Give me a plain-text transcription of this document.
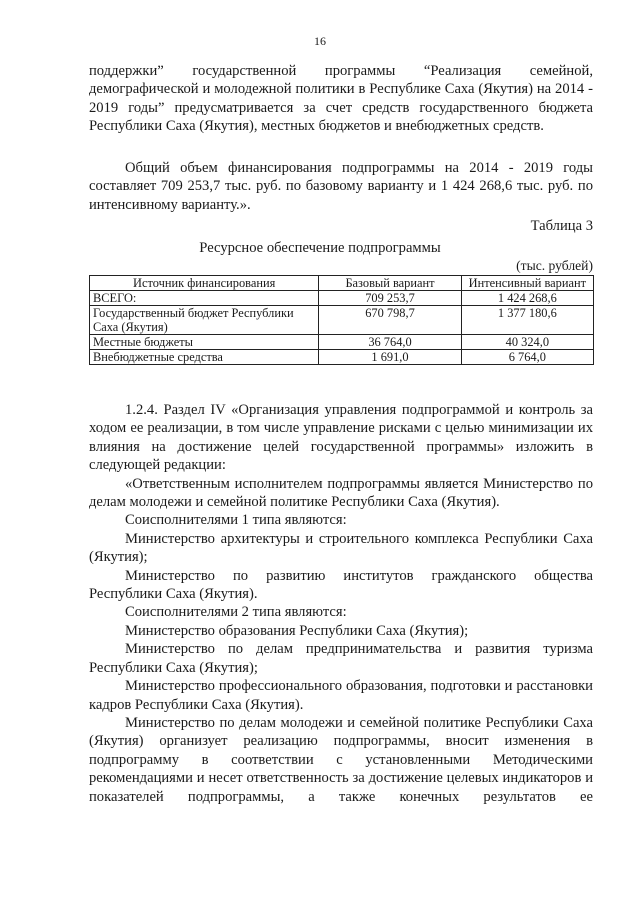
16

поддержки” государственной программы “Реализация семейной, демографической и молодежной политики в Республике Саха (Якутия) на 2014 - 2019 годы” предусматривается за счет средств государственного бюджета Республики Саха (Якутия), местных бюджетов и внебюджетных средств.

Общий объем финансирования подпрограммы на 2014 - 2019 годы составляет 709 253,7 тыс. руб. по базовому варианту и 1 424 268,6 тыс. руб. по интенсивному варианту.».

Таблица 3
Ресурсное обеспечение подпрограммы
(тыс. рублей)
Источник финансирования	Базовый вариант	Интенсивный вариант
ВСЕГО:	709 253,7	1 424 268,6
Государственный бюджет Республики Саха (Якутия)	670 798,7	1 377 180,6
Местные бюджеты	36 764,0	40 324,0
Внебюджетные средства	1 691,0	6 764,0

1.2.4. Раздел IV «Организация управления подпрограммой и контроль за ходом ее реализации, в том числе управление рисками с целью минимизации их влияния на достижение целей государственной программы» изложить в следующей редакции:

«Ответственным исполнителем подпрограммы является Министерство по делам молодежи и семейной политике Республики Саха (Якутия).

Соисполнителями 1 типа являются:

Министерство архитектуры и строительного комплекса Республики Саха (Якутия);

Министерство по развитию институтов гражданского общества Республики Саха (Якутия).

Соисполнителями 2 типа являются:

Министерство образования Республики Саха (Якутия);

Министерство по делам предпринимательства и развития туризма Республики Саха (Якутия);

Министерство профессионального образования, подготовки и расстановки кадров Республики Саха (Якутия).

Министерство по делам молодежи и семейной политике Республики Саха (Якутия) организует реализацию подпрограммы, вносит изменения в подпрограмму в соответствии с установленными Методическими рекомендациями и несет ответственность за достижение целевых индикаторов и показателей подпрограммы, а также конечных результатов ее
